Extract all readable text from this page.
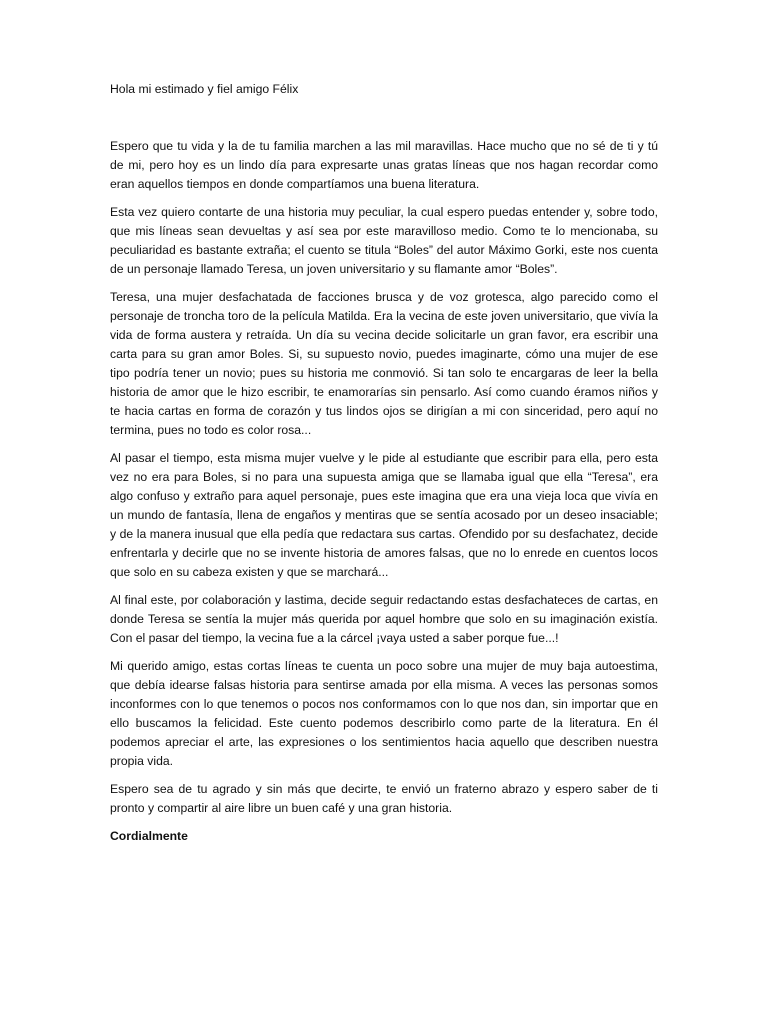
Hola mi estimado y fiel amigo Félix

Espero que tu vida y la de tu familia marchen a las mil maravillas. Hace mucho que no sé de ti y tú de mi, pero hoy es un lindo día para expresarte unas gratas líneas que nos hagan recordar como eran aquellos tiempos en donde compartíamos una buena literatura.

Esta vez quiero contarte de una historia muy peculiar, la cual espero puedas entender y, sobre todo, que mis líneas sean devueltas y así sea por este maravilloso medio. Como te lo mencionaba, su peculiaridad es bastante extraña; el cuento se titula “Boles” del autor Máximo Gorki, este nos cuenta de un personaje llamado Teresa, un joven universitario y su flamante amor “Boles”.

Teresa, una mujer desfachatada de facciones brusca y de voz grotesca, algo parecido como el personaje de troncha toro de la película Matilda. Era la vecina de este joven universitario, que vivía la vida de forma austera y retraída. Un día su vecina decide solicitarle un gran favor, era escribir una carta para su gran amor Boles. Si, su supuesto novio, puedes imaginarte, cómo una mujer de ese tipo podría tener un novio; pues su historia me conmovió. Si tan solo te encargaras de leer la bella historia de amor que le hizo escribir, te enamorarías sin pensarlo. Así como cuando éramos niños y te hacia cartas en forma de corazón y tus lindos ojos se dirigían a mi con sinceridad, pero aquí no termina, pues no todo es color rosa...

Al pasar el tiempo, esta misma mujer vuelve y le pide al estudiante que escribir para ella, pero esta vez no era para Boles, si no para una supuesta amiga que se llamaba igual que ella “Teresa”, era algo confuso y extraño para aquel personaje, pues este imagina que era una vieja loca que vivía en un mundo de fantasía, llena de engaños y mentiras que se sentía acosado por un deseo insaciable; y de la manera inusual que ella pedía que redactara sus cartas. Ofendido por su desfachatez, decide enfrentarla y decirle que no se invente historia de amores falsas, que no lo enrede en cuentos locos que solo en su cabeza existen y que se marchará...

Al final este, por colaboración y lastima, decide seguir redactando estas desfachateces de cartas, en donde Teresa se sentía la mujer más querida por aquel hombre que solo en su imaginación existía. Con el pasar del tiempo, la vecina fue a la cárcel ¡vaya usted a saber porque fue...!

Mi querido amigo, estas cortas líneas te cuenta un poco sobre una mujer de muy baja autoestima, que debía idearse falsas historia para sentirse amada por ella misma. A veces las personas somos inconformes con lo que tenemos o pocos nos conformamos con lo que nos dan, sin importar que en ello buscamos la felicidad. Este cuento podemos describirlo como parte de la literatura. En él podemos apreciar el arte, las expresiones o los sentimientos hacia aquello que describen nuestra propia vida.

Espero sea de tu agrado y sin más que decirte, te envió un fraterno abrazo y espero saber de ti pronto y compartir al aire libre un buen café y una gran historia.

Cordialmente
